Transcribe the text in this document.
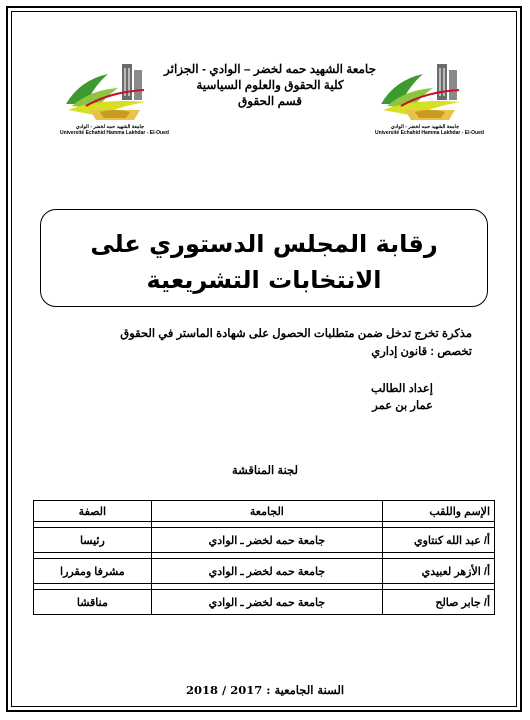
جامعة الشهيد حمه لخضر - الوادي
Université Echahid Hamma Lakhdar - El-Oued
جامعة الشهيد حمه لخضر - الوادي
Université Echahid Hamma Lakhdar - El-Oued
جامعة الشهيد حمه لخضر – الوادي - الجزائر
كلية الحقوق والعلوم السياسية
قسم الحقوق
رقابة المجلس الدستوري على
الانتخابات التشريعية
مذكرة تخرج تدخل ضمن متطلبات الحصول على شهادة الماستر في الحقوق
تخصص : قانون إداري
إعداد الطالب
عمار بن عمر
لجنة المناقشة
الإسم واللقب	الجامعة	الصفة

أ/ عبد الله كنتاوي	جامعة حمه لخضر ـ الوادي	رئيسا

أ/ الأزهر لعبيدي	جامعة حمه لخضر ـ الوادي	مشرفا ومقررا

أ/ جابر صالح	جامعة حمه لخضر ـ الوادي	مناقشا
السنة الجامعية : 2017 / 2018
